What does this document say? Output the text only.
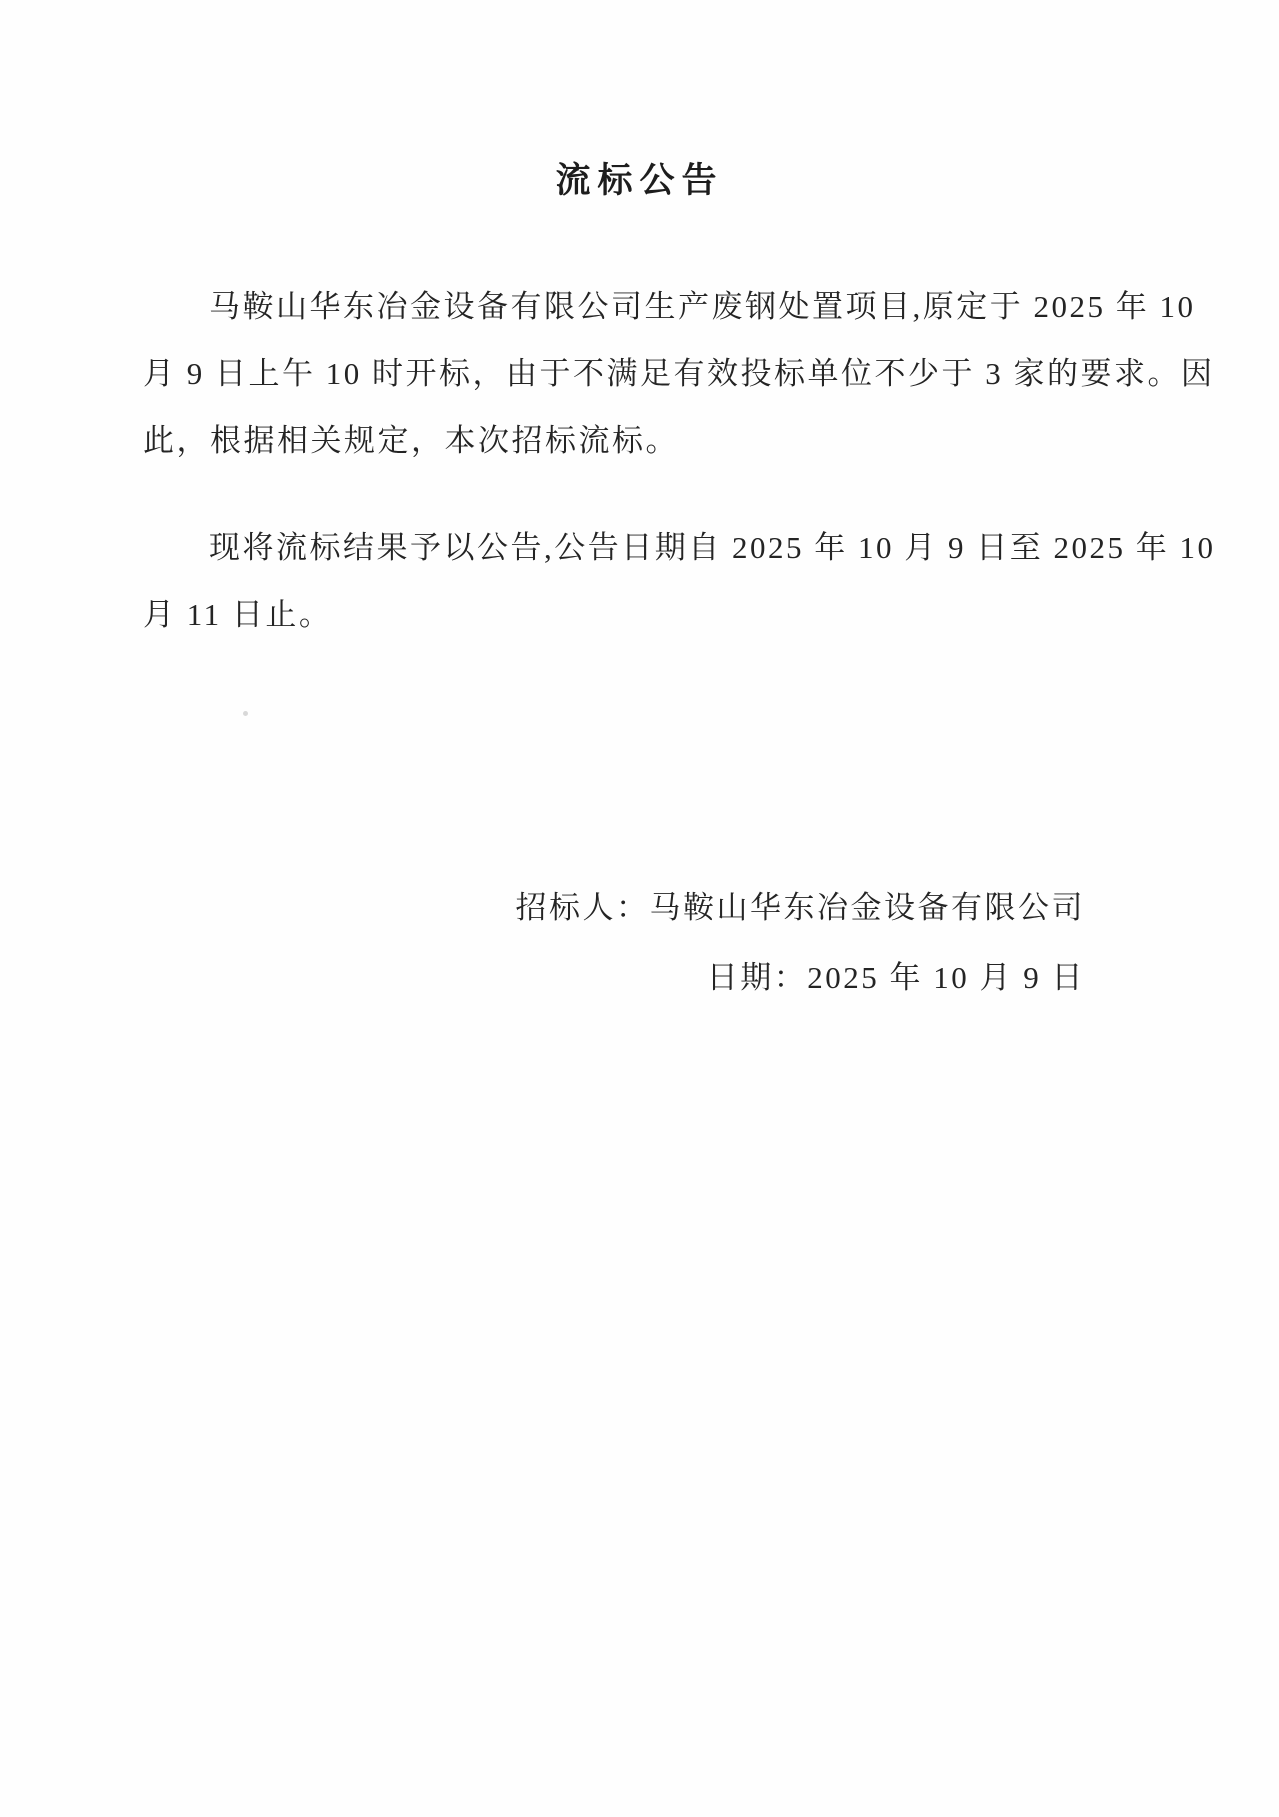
流标公告
马鞍山华东冶金设备有限公司生产废钢处置项目,原定于 2025 年 10
月 9 日上午 10 时开标，由于不满足有效投标单位不少于 3 家的要求。因
此，根据相关规定，本次招标流标。
现将流标结果予以公告,公告日期自 2025 年 10 月 9 日至 2025 年 10
月 11 日止。
招标人：马鞍山华东冶金设备有限公司
日期：2025 年 10 月 9 日
